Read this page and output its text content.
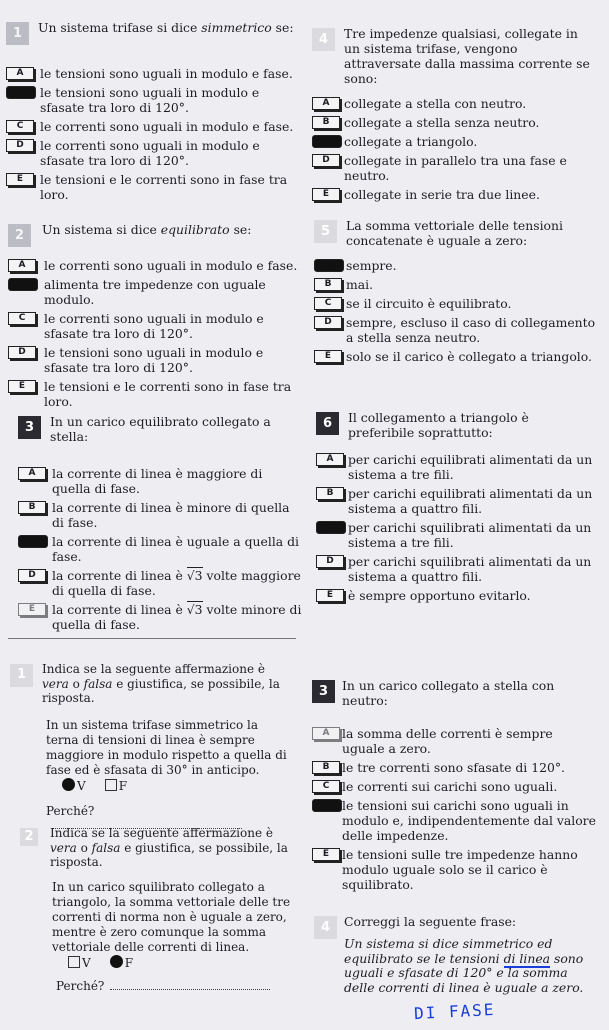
1	Un sistema trifase si dice simmetrico se:
A	le tensioni sono uguali in modulo e fase.
B	le tensioni sono uguali in modulo e sfasate tra loro di 120°.
C	le correnti sono uguali in modulo e fase.
D	le correnti sono uguali in modulo e sfasate tra loro di 120°.
E	le tensioni e le correnti sono in fase tra loro.
2	Un sistema si dice equilibrato se:
A	le correnti sono uguali in modulo e fase.
B	alimenta tre impedenze con uguale modulo.
C	le correnti sono uguali in modulo e sfasate tra loro di 120°.
D	le tensioni sono uguali in modulo e sfasate tra loro di 120°.
E	le tensioni e le correnti sono in fase tra loro.
3	In un carico equilibrato collegato a stella:
A	la corrente di linea è maggiore di quella di fase.
B	la corrente di linea è minore di quella di fase.
C	la corrente di linea è uguale a quella di fase.
D	la corrente di linea è √3 volte maggiore di quella di fase.
E	la corrente di linea è √3 volte minore di quella di fase.
4	Tre impedenze qualsiasi, collegate in un sistema trifase, vengono attraversate dalla massima corrente se sono:
A	collegate a stella con neutro.
B	collegate a stella senza neutro.
C	collegate a triangolo.
D	collegate in parallelo tra una fase e neutro.
E	collegate in serie tra due linee.
5	La somma vettoriale delle tensioni concatenate è uguale a zero:
A	sempre.
B	mai.
C	se il circuito è equilibrato.
D	sempre, escluso il caso di collegamento a stella senza neutro.
E	solo se il carico è collegato a triangolo.
6	Il collegamento a triangolo è preferibile soprattutto:
A	per carichi equilibrati alimentati da un sistema a tre fili.
B	per carichi equilibrati alimentati da un sistema a quattro fili.
C	per carichi squilibrati alimentati da un sistema a tre fili.
D	per carichi squilibrati alimentati da un sistema a quattro fili.
E	è sempre opportuno evitarlo.
1	Indica se la seguente affermazione è vera o falsa e giustifica, se possibile, la risposta.
In un sistema trifase simmetrico la terna di tensioni di linea è sempre maggiore in modulo rispetto a quella di fase ed è sfasata di 30° in anticipo. V	F
Perché?
2	Indica se la seguente affermazione è vera o falsa e giustifica, se possibile, la risposta.
In un carico squilibrato collegato a triangolo, la somma vettoriale delle tre correnti di norma non è uguale a zero, mentre è zero comunque la somma vettoriale delle correnti di linea. V	F
Perché?
3	In un carico collegato a stella con neutro:
A	la somma delle correnti è sempre uguale a zero.
B	le tre correnti sono sfasate di 120°.
C	le correnti sui carichi sono uguali.
D le tensioni sui carichi sono uguali in modulo e, indipendentemente dal valore delle impedenze.
E	le tensioni sulle tre impedenze hanno modulo uguale solo se il carico è squilibrato.
4	Correggi la seguente frase:
Un sistema si dice simmetrico ed equilibrato se le tensioni di linea sono uguali e sfasate di 120° e la somma delle correnti di linea è uguale a zero.
DI FASE
